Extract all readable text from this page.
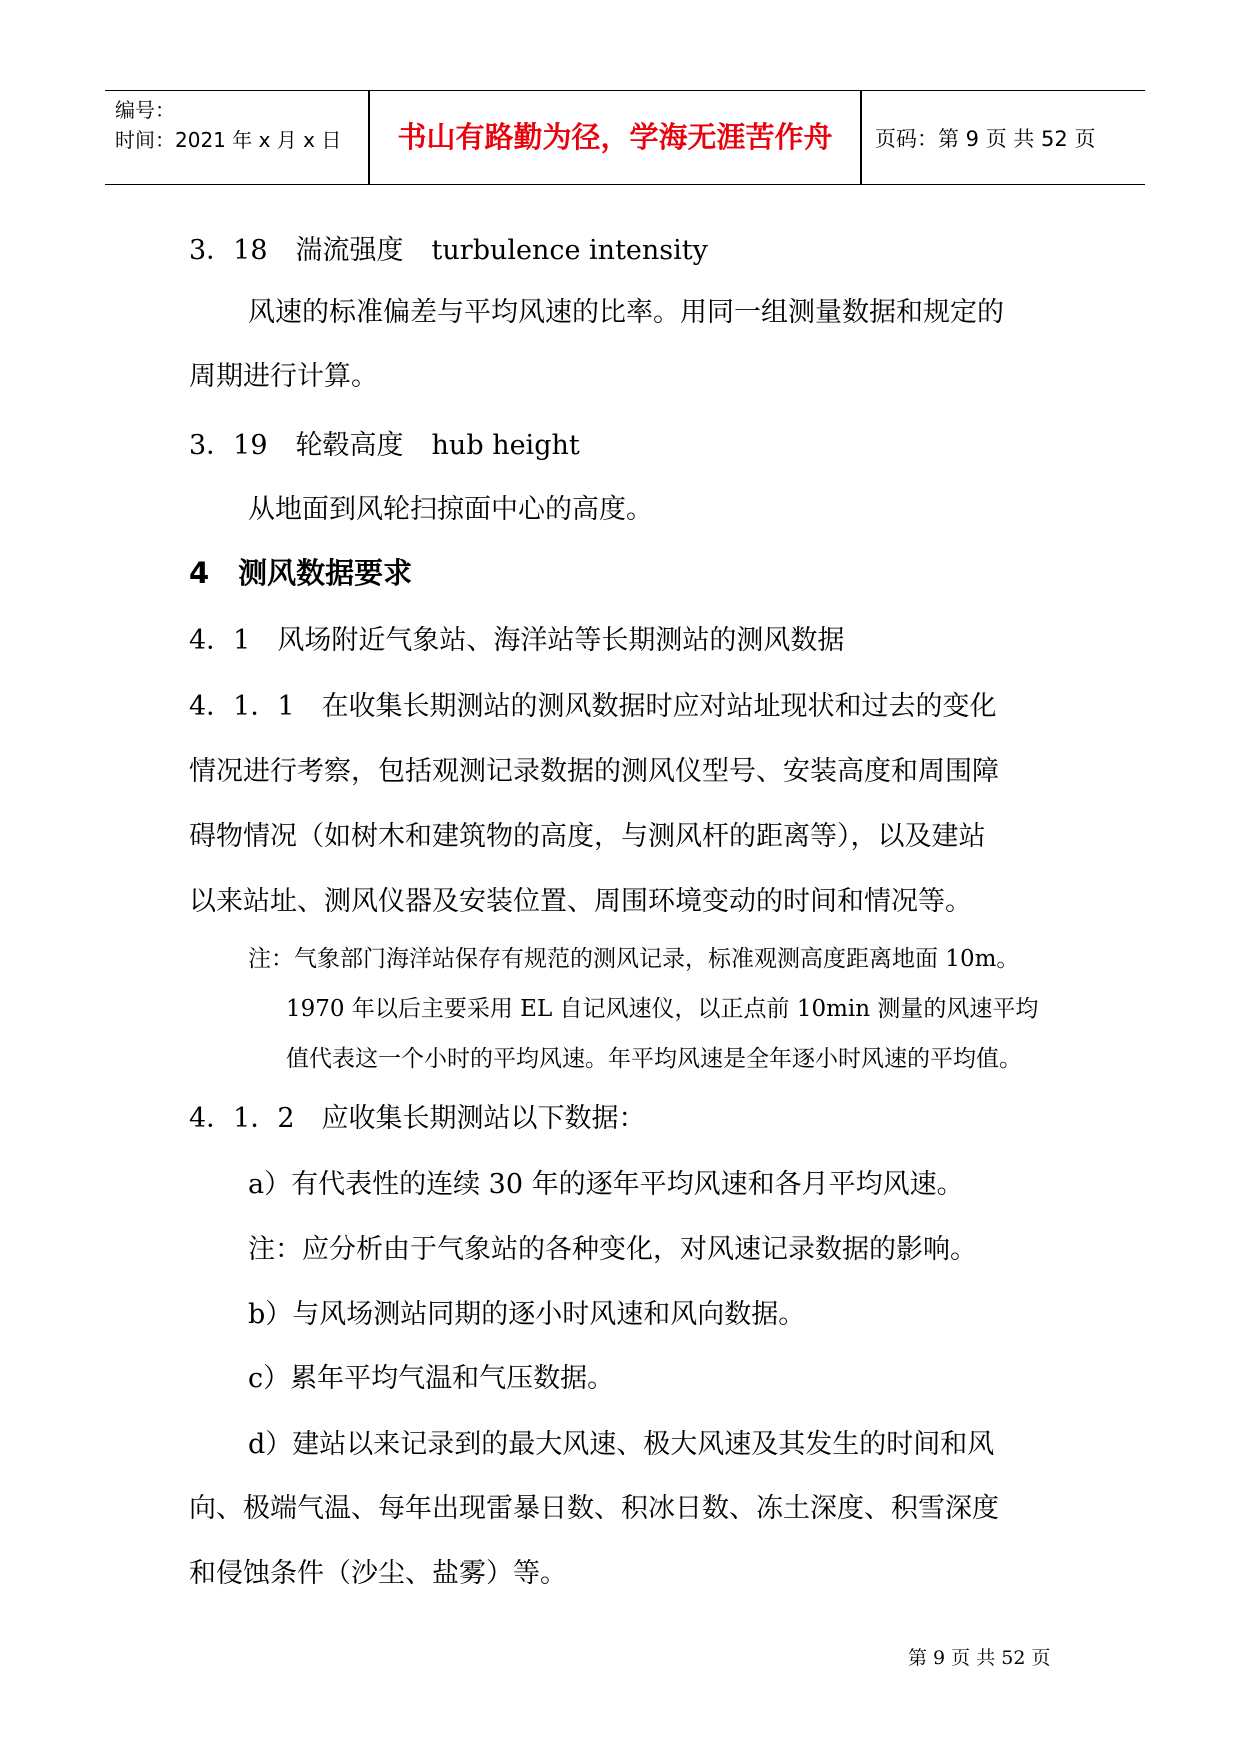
编号：
时间：2021 年 x 月 x 日	书山有路勤为径，学海无涯苦作舟	页码：第 9 页 共 52 页
3．18 湍流强度 turbulence intensity
风速的标准偏差与平均风速的比率。用同一组测量数据和规定的
周期进行计算。
3．19 轮毂高度 hub height
从地面到风轮扫掠面中心的高度。
4　测风数据要求
4．1　风场附近气象站、海洋站等长期测站的测风数据
4．1．1　在收集长期测站的测风数据时应对站址现状和过去的变化
情况进行考察，包括观测记录数据的测风仪型号、安装高度和周围障
碍物情况（如树木和建筑物的高度，与测风杆的距离等），以及建站
以来站址、测风仪器及安装位置、周围环境变动的时间和情况等。
注：气象部门海洋站保存有规范的测风记录，标准观测高度距离地面 10m。
1970 年以后主要采用 EL 自记风速仪，以正点前 10min 测量的风速平均
值代表这一个小时的平均风速。年平均风速是全年逐小时风速的平均值。
4．1．2　应收集长期测站以下数据：
a）有代表性的连续 30 年的逐年平均风速和各月平均风速。
注：应分析由于气象站的各种变化，对风速记录数据的影响。
b）与风场测站同期的逐小时风速和风向数据。
c）累年平均气温和气压数据。
d）建站以来记录到的最大风速、极大风速及其发生的时间和风
向、极端气温、每年出现雷暴日数、积冰日数、冻土深度、积雪深度
和侵蚀条件（沙尘、盐雾）等。
第 9 页 共 52 页
